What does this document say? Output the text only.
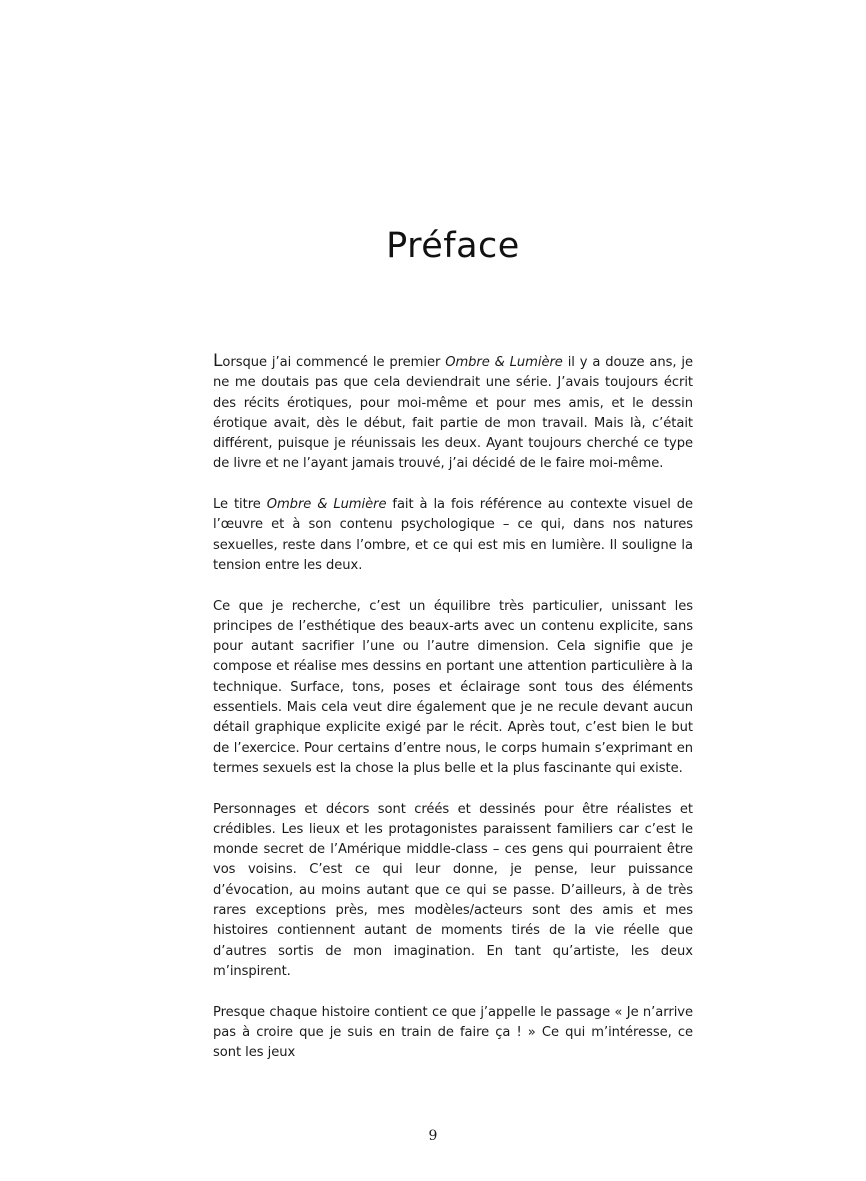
Préface

Lorsque j’ai commencé le premier Ombre & Lumière il y a douze ans, je ne me doutais pas que cela deviendrait une série. J’avais toujours écrit des récits érotiques, pour moi-même et pour mes amis, et le dessin érotique avait, dès le début, fait partie de mon travail. Mais là, c’était différent, puisque je réunissais les deux. Ayant toujours cherché ce type de livre et ne l’ayant jamais trouvé, j’ai décidé de le faire moi-même.

Le titre Ombre & Lumière fait à la fois référence au contexte visuel de l’œuvre et à son contenu psychologique – ce qui, dans nos natures sexuelles, reste dans l’ombre, et ce qui est mis en lumière. Il souligne la tension entre les deux.

Ce que je recherche, c’est un équilibre très particulier, unissant les principes de l’esthétique des beaux-arts avec un contenu explicite, sans pour autant sacrifier l’une ou l’autre dimension. Cela signifie que je compose et réalise mes dessins en portant une attention particulière à la technique. Surface, tons, poses et éclairage sont tous des éléments essentiels. Mais cela veut dire également que je ne recule devant aucun détail graphique explicite exigé par le récit. Après tout, c’est bien le but de l’exercice. Pour certains d’entre nous, le corps humain s’exprimant en termes sexuels est la chose la plus belle et la plus fascinante qui existe.

Personnages et décors sont créés et dessinés pour être réalistes et crédibles. Les lieux et les protagonistes paraissent familiers car c’est le monde secret de l’Amérique middle-class – ces gens qui pourraient être vos voisins. C’est ce qui leur donne, je pense, leur puissance d’évocation, au moins autant que ce qui se passe. D’ailleurs, à de très rares exceptions près, mes modèles/acteurs sont des amis et mes histoires contiennent autant de moments tirés de la vie réelle que d’autres sortis de mon imagination. En tant qu’artiste, les deux m’inspirent.

Presque chaque histoire contient ce que j’appelle le passage « Je n’arrive pas à croire que je suis en train de faire ça ! » Ce qui m’intéresse, ce sont les jeux

9
